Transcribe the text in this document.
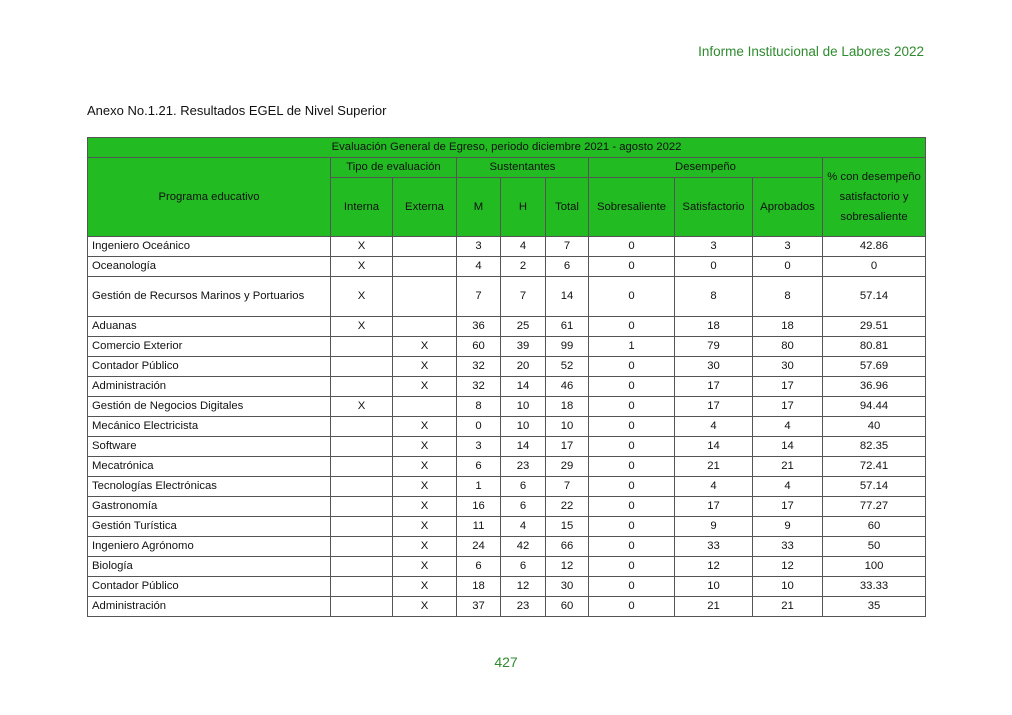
Informe Institucional de Labores 2022
Anexo No.1.21. Resultados EGEL de Nivel Superior
Evaluación General de Egreso, periodo diciembre 2021 - agosto 2022									
Programa educativo	Tipo de evaluación		Sustentantes			Desempeño			% con desempeño satisfactorio y sobresaliente
	Interna	Externa	M	H	Total	Sobresaliente	Satisfactorio	Aprobados	
Ingeniero Oceánico	X		3	4	7	0	3	3	42.86
Oceanología	X		4	2	6	0	0	0	0
Gestión de Recursos Marinos y Portuarios	X		7	7	14	0	8	8	57.14
Aduanas	X		36	25	61	0	18	18	29.51
Comercio Exterior		X	60	39	99	1	79	80	80.81
Contador Público		X	32	20	52	0	30	30	57.69
Administración		X	32	14	46	0	17	17	36.96
Gestión de Negocios Digitales	X		8	10	18	0	17	17	94.44
Mecánico Electricista		X	0	10	10	0	4	4	40
Software		X	3	14	17	0	14	14	82.35
Mecatrónica		X	6	23	29	0	21	21	72.41
Tecnologías Electrónicas		X	1	6	7	0	4	4	57.14
Gastronomía		X	16	6	22	0	17	17	77.27
Gestión Turística		X	11	4	15	0	9	9	60
Ingeniero Agrónomo		X	24	42	66	0	33	33	50
Biología		X	6	6	12	0	12	12	100
Contador Público		X	18	12	30	0	10	10	33.33
Administración		X	37	23	60	0	21	21	35
427
